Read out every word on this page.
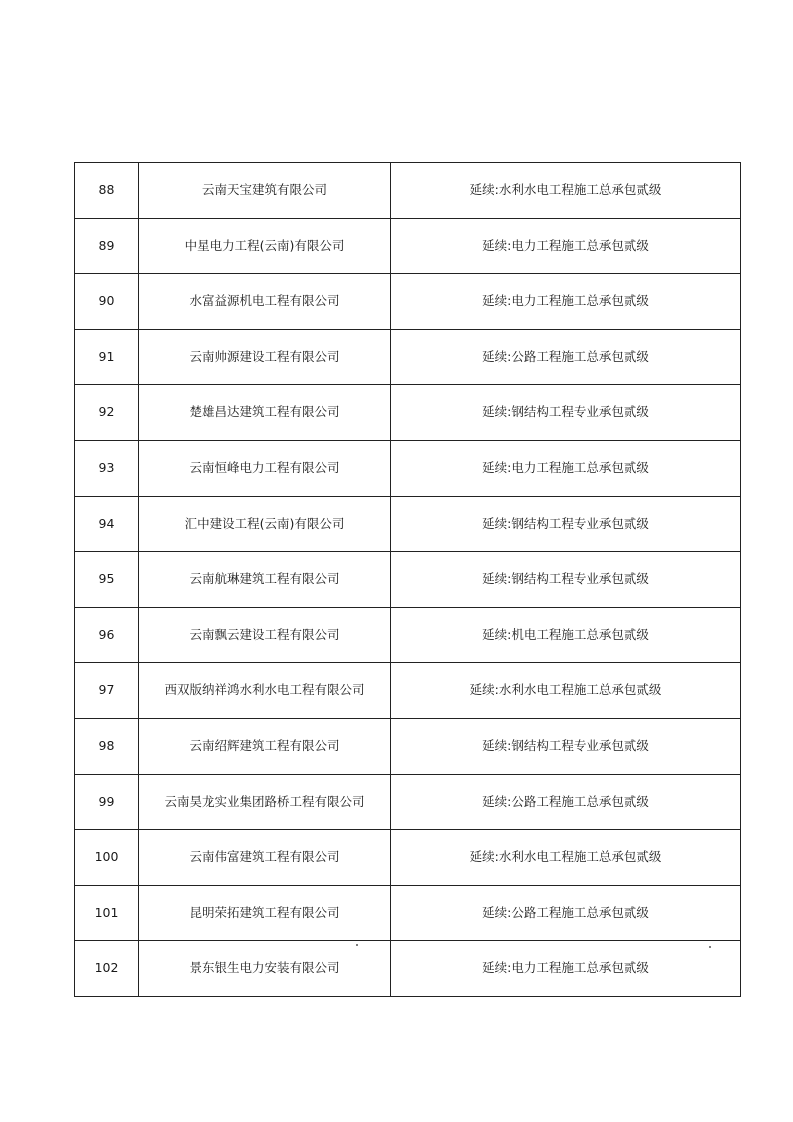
88	云南天宝建筑有限公司	延续:水利水电工程施工总承包贰级
89	中星电力工程(云南)有限公司	延续:电力工程施工总承包贰级
90	水富益源机电工程有限公司	延续:电力工程施工总承包贰级
91	云南帅源建设工程有限公司	延续:公路工程施工总承包贰级
92	楚雄昌达建筑工程有限公司	延续:钢结构工程专业承包贰级
93	云南恒峰电力工程有限公司	延续:电力工程施工总承包贰级
94	汇中建设工程(云南)有限公司	延续:钢结构工程专业承包贰级
95	云南航琳建筑工程有限公司	延续:钢结构工程专业承包贰级
96	云南飘云建设工程有限公司	延续:机电工程施工总承包贰级
97	西双版纳祥鸿水利水电工程有限公司	延续:水利水电工程施工总承包贰级
98	云南绍辉建筑工程有限公司	延续:钢结构工程专业承包贰级
99	云南昊龙实业集团路桥工程有限公司	延续:公路工程施工总承包贰级
100	云南伟富建筑工程有限公司	延续:水利水电工程施工总承包贰级
101	昆明荣拓建筑工程有限公司	延续:公路工程施工总承包贰级
102	景东银生电力安装有限公司	延续:电力工程施工总承包贰级
